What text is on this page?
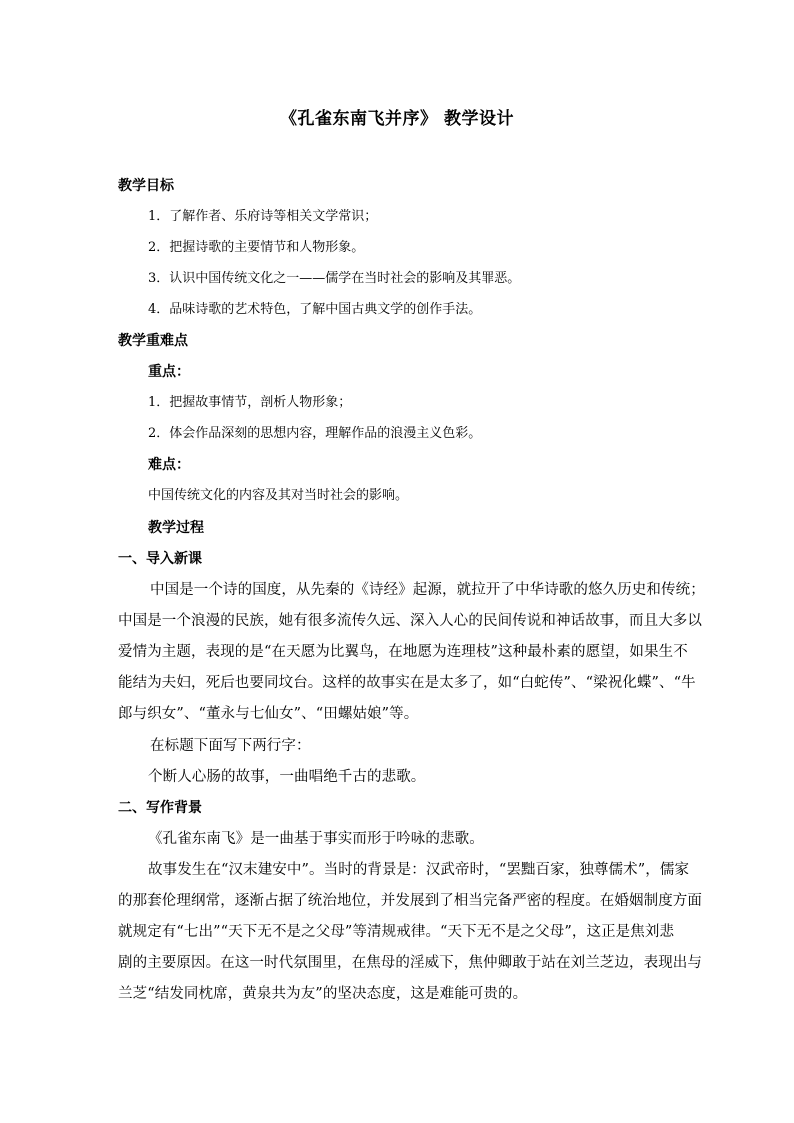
《孔雀东南飞并序》 教学设计
教学目标
1．了解作者、乐府诗等相关文学常识；
2．把握诗歌的主要情节和人物形象。
3．认识中国传统文化之一——儒学在当时社会的影响及其罪恶。
4．品味诗歌的艺术特色，了解中国古典文学的创作手法。
教学重难点
重点：
1．把握故事情节，剖析人物形象；
2．体会作品深刻的思想内容，理解作品的浪漫主义色彩。
难点：
中国传统文化的内容及其对当时社会的影响。
教学过程
一、导入新课
中国是一个诗的国度，从先秦的《诗经》起源，就拉开了中华诗歌的悠久历史和传统；
中国是一个浪漫的民族，她有很多流传久远、深入人心的民间传说和神话故事，而且大多以
爱情为主题，表现的是“在天愿为比翼鸟，在地愿为连理枝”这种最朴素的愿望，如果生不
能结为夫妇，死后也要同坟台。这样的故事实在是太多了，如“白蛇传”、“梁祝化蝶”、“牛
郎与织女”、“董永与七仙女”、“田螺姑娘”等。
在标题下面写下两行字：
个断人心肠的故事，一曲唱绝千古的悲歌。
二、写作背景
《孔雀东南飞》是一曲基于事实而形于吟咏的悲歌。
故事发生在“汉末建安中”。当时的背景是：汉武帝时，“罢黜百家，独尊儒术”，儒家
的那套伦理纲常，逐渐占据了统治地位，并发展到了相当完备严密的程度。在婚姻制度方面
就规定有“七出”“天下无不是之父母”等清规戒律。“天下无不是之父母”，这正是焦刘悲
剧的主要原因。在这一时代氛围里，在焦母的淫威下，焦仲卿敢于站在刘兰芝边，表现出与
兰芝“结发同枕席，黄泉共为友”的坚决态度，这是难能可贵的。
